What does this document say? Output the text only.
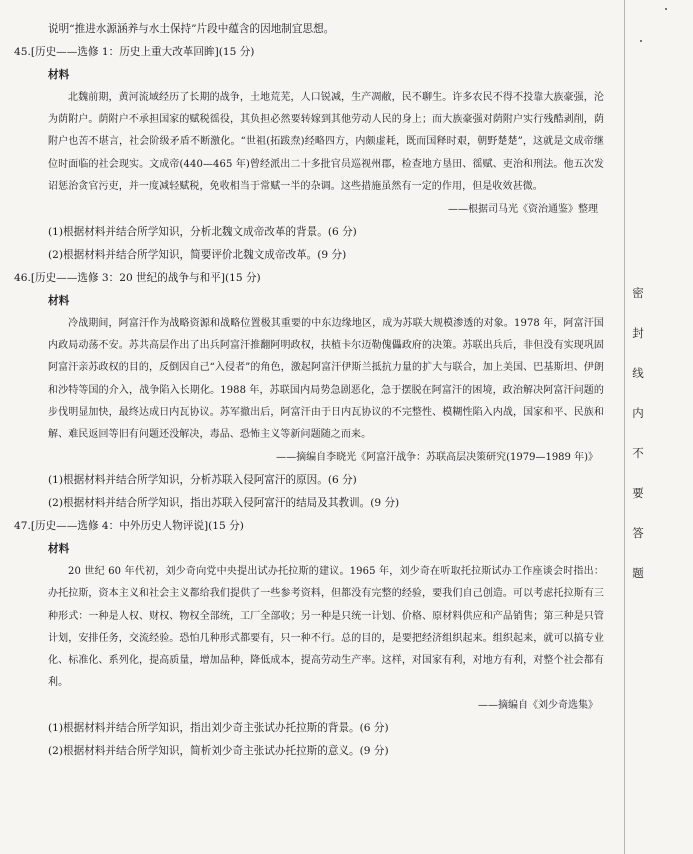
说明“推进水源涵养与水土保持”片段中蕴含的因地制宜思想。
45.[历史——选修 1：历史上重大改革回眸](15 分)
材料
北魏前期，黄河流域经历了长期的战争，土地荒芜，人口锐减，生产凋敝，民不聊生。许多农民不得不投靠大族豪强，沦为荫附户。荫附户不承担国家的赋税徭役，其负担必然要转嫁到其他劳动人民的身上；而大族豪强对荫附户实行残酷剥削，荫附户也苦不堪言，社会阶级矛盾不断激化。“世祖(拓跋焘)经略四方，内颇虚耗，既而国释时艰，朝野楚楚”，这就是文成帝继位时面临的社会现实。文成帝(440—465 年)曾经派出二十多批官员巡视州郡，检查地方垦田、徭赋、吏治和刑法。他五次发诏惩治贪官污吏，并一度减轻赋税，免收相当于常赋一半的杂调。这些措施虽然有一定的作用，但是收效甚微。
——根据司马光《资治通鉴》整理
(1)根据材料并结合所学知识，分析北魏文成帝改革的背景。(6 分)
(2)根据材料并结合所学知识，简要评价北魏文成帝改革。(9 分)
46.[历史——选修 3：20 世纪的战争与和平](15 分)
材料
冷战期间，阿富汗作为战略资源和战略位置极其重要的中东边缘地区，成为苏联大规模渗透的对象。1978 年，阿富汗国内政局动荡不安。苏共高层作出了出兵阿富汗推翻阿明政权，扶植卡尔迈勒傀儡政府的决策。苏联出兵后，非但没有实现巩固阿富汗亲苏政权的目的，反倒因自己“入侵者”的角色，激起阿富汗伊斯兰抵抗力量的扩大与联合，加上美国、巴基斯坦、伊朗和沙特等国的介入，战争陷入长期化。1988 年，苏联国内局势急剧恶化，急于摆脱在阿富汗的困境，政治解决阿富汗问题的步伐明显加快，最终达成日内瓦协议。苏军撤出后，阿富汗由于日内瓦协议的不完整性、模糊性陷入内战，国家和平、民族和解、难民返回等旧有问题还没解决，毒品、恐怖主义等新问题随之而来。
——摘编自李晓光《阿富汗战争：苏联高层决策研究(1979—1989 年)》
(1)根据材料并结合所学知识，分析苏联入侵阿富汗的原因。(6 分)
(2)根据材料并结合所学知识，指出苏联入侵阿富汗的结局及其教训。(9 分)
47.[历史——选修 4：中外历史人物评说](15 分)
材料
20 世纪 60 年代初，刘少奇向党中央提出试办托拉斯的建议。1965 年，刘少奇在听取托拉斯试办工作座谈会时指出：办托拉斯，资本主义和社会主义都给我们提供了一些参考资料，但都没有完整的经验，要我们自己创造。可以考虑托拉斯有三种形式：一种是人权、财权、物权全部统，工厂全部收；另一种是只统一计划、价格、原材料供应和产品销售；第三种是只管计划，安排任务，交流经验。恐怕几种形式都要有，只一种不行。总的目的，是要把经济组织起来。组织起来，就可以搞专业化、标准化、系列化，提高质量，增加品种，降低成本，提高劳动生产率。这样，对国家有利，对地方有利，对整个社会都有利。
——摘编自《刘少奇选集》
(1)根据材料并结合所学知识，指出刘少奇主张试办托拉斯的背景。(6 分)
(2)根据材料并结合所学知识，简析刘少奇主张试办托拉斯的意义。(9 分)
密
封
线
内
不
要
答
题
